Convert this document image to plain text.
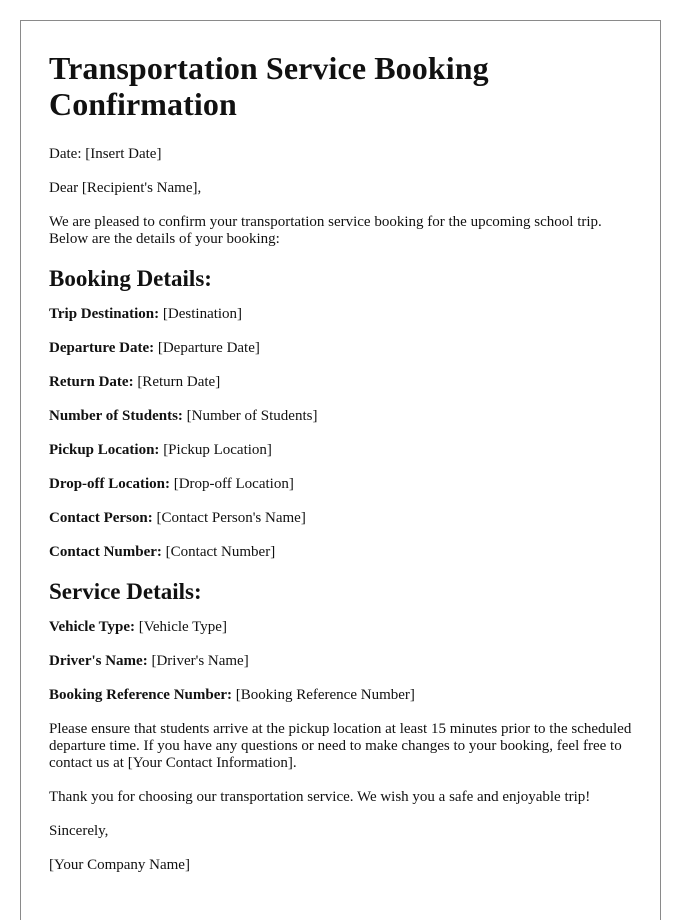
Transportation Service Booking Confirmation

Date: [Insert Date]

Dear [Recipient's Name],

We are pleased to confirm your transportation service booking for the upcoming school trip. Below are the details of your booking:

Booking Details:

Trip Destination: [Destination]

Departure Date: [Departure Date]

Return Date: [Return Date]

Number of Students: [Number of Students]

Pickup Location: [Pickup Location]

Drop-off Location: [Drop-off Location]

Contact Person: [Contact Person's Name]

Contact Number: [Contact Number]

Service Details:

Vehicle Type: [Vehicle Type]

Driver's Name: [Driver's Name]

Booking Reference Number: [Booking Reference Number]

Please ensure that students arrive at the pickup location at least 15 minutes prior to the scheduled departure time. If you have any questions or need to make changes to your booking, feel free to contact us at [Your Contact Information].

Thank you for choosing our transportation service. We wish you a safe and enjoyable trip!

Sincerely,

[Your Company Name]
